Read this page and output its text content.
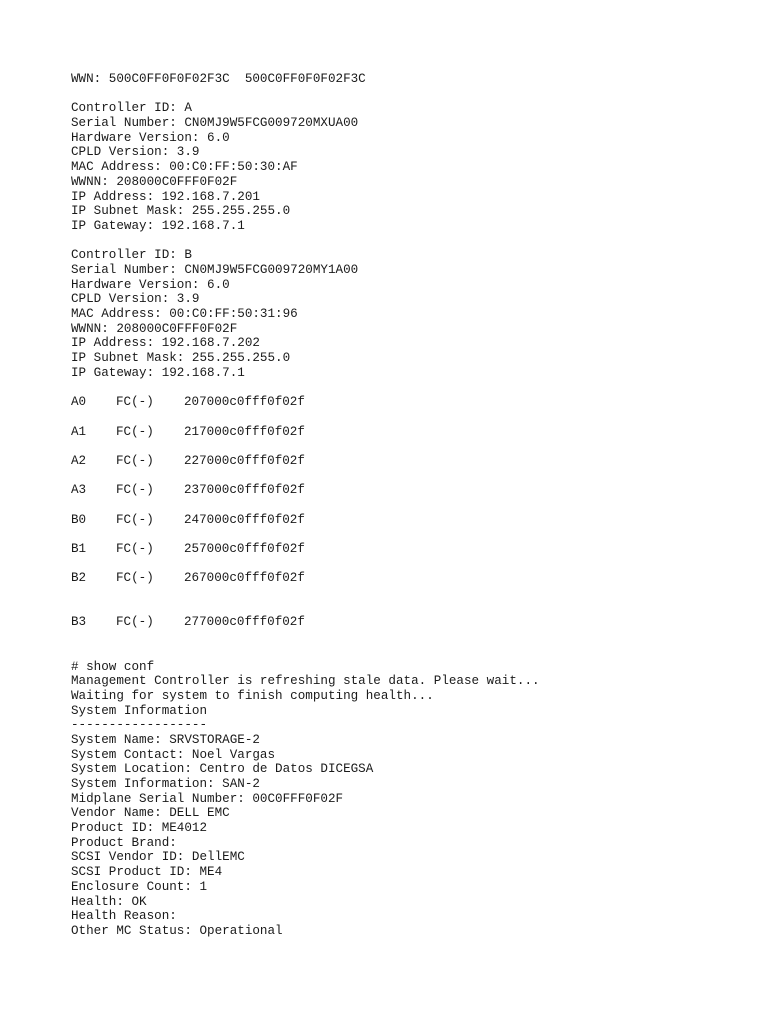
WWN: 500C0FF0F0F02F3C  500C0FF0F0F02F3C
Controller ID: A
Serial Number: CN0MJ9W5FCG009720MXUA00
Hardware Version: 6.0
CPLD Version: 3.9
MAC Address: 00:C0:FF:50:30:AF
WWNN: 208000C0FFF0F02F
IP Address: 192.168.7.201
IP Subnet Mask: 255.255.255.0
IP Gateway: 192.168.7.1
Controller ID: B
Serial Number: CN0MJ9W5FCG009720MY1A00
Hardware Version: 6.0
CPLD Version: 3.9
MAC Address: 00:C0:FF:50:31:96
WWNN: 208000C0FFF0F02F
IP Address: 192.168.7.202
IP Subnet Mask: 255.255.255.0
IP Gateway: 192.168.7.1
A0	FC(-)	207000c0fff0f02f
A1	FC(-)	217000c0fff0f02f
A2	FC(-)	227000c0fff0f02f
A3	FC(-)	237000c0fff0f02f
B0	FC(-)	247000c0fff0f02f
B1	FC(-)	257000c0fff0f02f
B2	FC(-)	267000c0fff0f02f
B3	FC(-)	277000c0fff0f02f
# show conf
Management Controller is refreshing stale data. Please wait...
Waiting for system to finish computing health...
System Information
------------------
System Name: SRVSTORAGE-2
System Contact: Noel Vargas
System Location: Centro de Datos DICEGSA
System Information: SAN-2
Midplane Serial Number: 00C0FFF0F02F
Vendor Name: DELL EMC
Product ID: ME4012
Product Brand:
SCSI Vendor ID: DellEMC
SCSI Product ID: ME4
Enclosure Count: 1
Health: OK
Health Reason:
Other MC Status: Operational
